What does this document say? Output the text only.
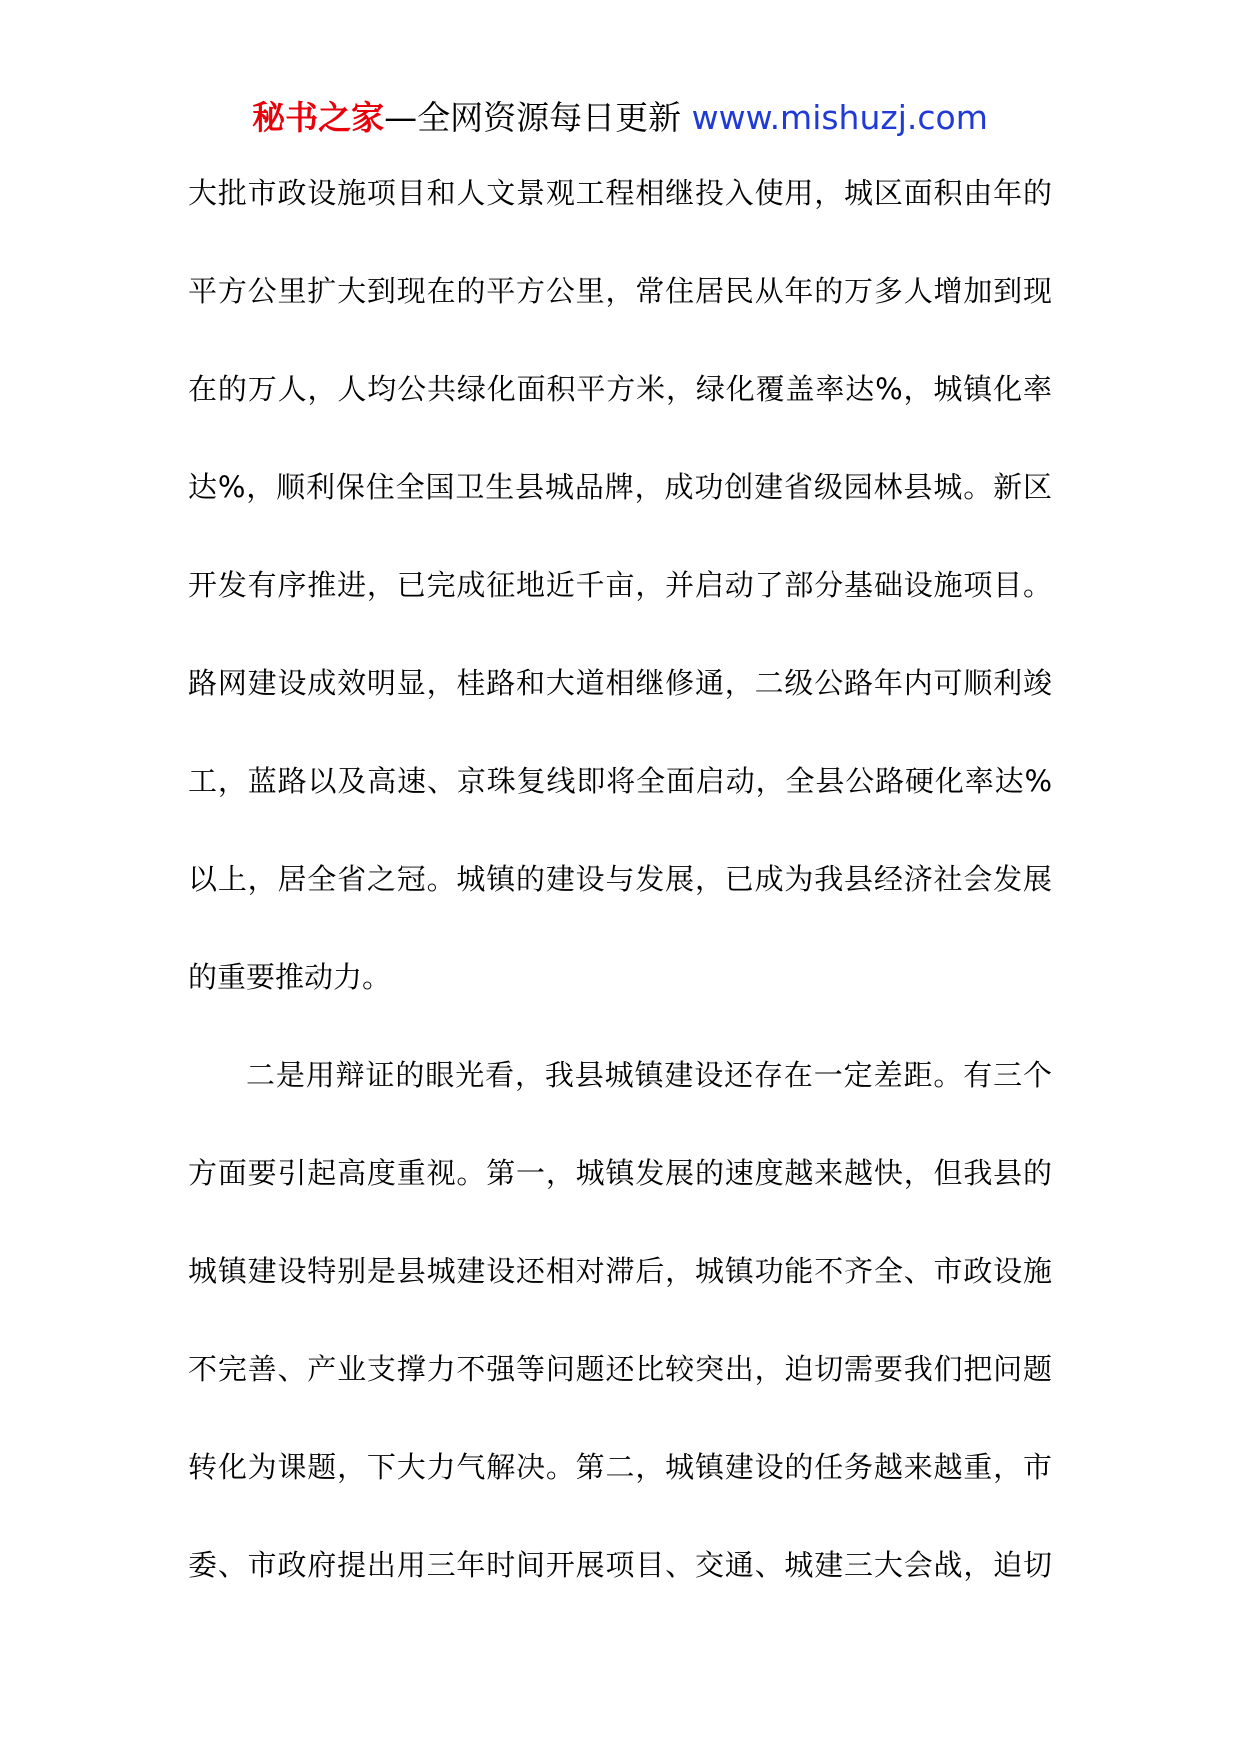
秘书之家—全网资源每日更新 www.mishuzj.com
大批市政设施项目和人文景观工程相继投入使用，城区面积由年的
平方公里扩大到现在的平方公里，常住居民从年的万多人增加到现
在的万人，人均公共绿化面积平方米，绿化覆盖率达%，城镇化率
达%，顺利保住全国卫生县城品牌，成功创建省级园林县城。新区
开发有序推进，已完成征地近千亩，并启动了部分基础设施项目。
路网建设成效明显，桂路和大道相继修通，二级公路年内可顺利竣
工，蓝路以及高速、京珠复线即将全面启动，全县公路硬化率达%
以上，居全省之冠。城镇的建设与发展，已成为我县经济社会发展
的重要推动力。
二是用辩证的眼光看，我县城镇建设还存在一定差距。有三个
方面要引起高度重视。第一，城镇发展的速度越来越快，但我县的
城镇建设特别是县城建设还相对滞后，城镇功能不齐全、市政设施
不完善、产业支撑力不强等问题还比较突出，迫切需要我们把问题
转化为课题，下大力气解决。第二，城镇建设的任务越来越重，市
委、市政府提出用三年时间开展项目、交通、城建三大会战，迫切
